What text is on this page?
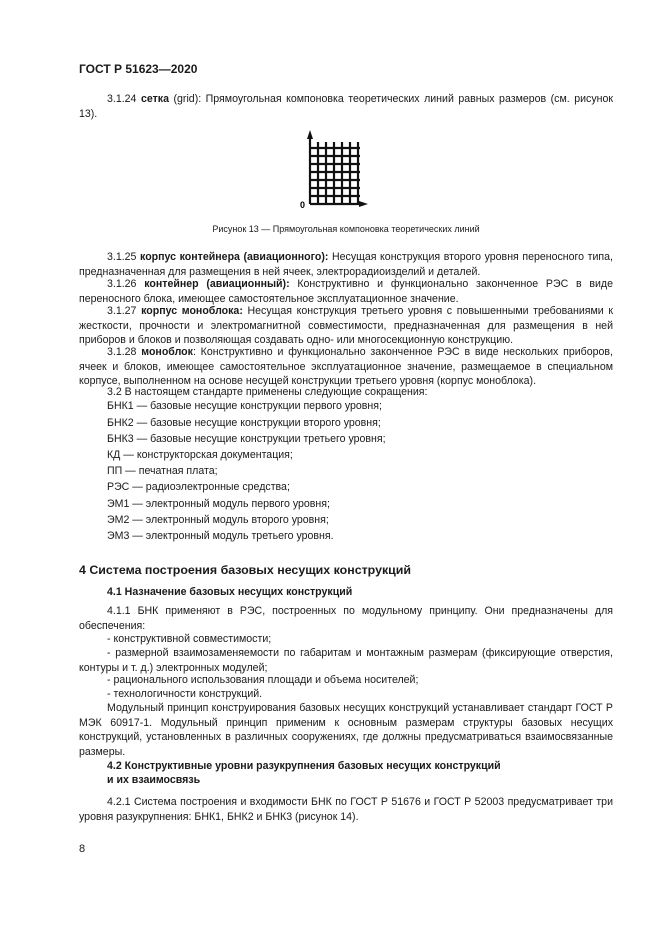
ГОСТ Р 51623—2020

3.1.24 сетка (grid): Прямоугольная компоновка теоретических линий равных размеров (см. рисунок 13).

0
Рисунок 13 — Прямоугольная компоновка теоретических линий

3.1.25 корпус контейнера (авиационного): Несущая конструкция второго уровня переносного типа, предназначенная для размещения в ней ячеек, электрорадиоизделий и деталей.

3.1.26 контейнер (авиационный): Конструктивно и функционально законченное РЭС в виде переносного блока, имеющее самостоятельное эксплуатационное значение.

3.1.27 корпус моноблока: Несущая конструкция третьего уровня с повышенными требованиями к жесткости, прочности и электромагнитной совместимости, предназначенная для размещения в ней приборов и блоков и позволяющая создавать одно- или многосекционную конструкцию.

3.1.28 моноблок: Конструктивно и функционально законченное РЭС в виде нескольких приборов, ячеек и блоков, имеющее самостоятельное эксплуатационное значение, размещаемое в специальном корпусе, выполненном на основе несущей конструкции третьего уровня (корпус моноблока).

3.2 В настоящем стандарте применены следующие сокращения:
БНК1 — базовые несущие конструкции первого уровня;
БНК2 — базовые несущие конструкции второго уровня;
БНК3 — базовые несущие конструкции третьего уровня;
КД — конструкторская документация;
ПП — печатная плата;
РЭС — радиоэлектронные средства;
ЭМ1 — электронный модуль первого уровня;
ЭМ2 — электронный модуль второго уровня;
ЭМ3 — электронный модуль третьего уровня.
4 Система построения базовых несущих конструкций
4.1 Назначение базовых несущих конструкций

4.1.1 БНК применяют в РЭС, построенных по модульному принципу. Они предназначены для обеспечения:

- конструктивной совместимости;

- размерной взаимозаменяемости по габаритам и монтажным размерам (фиксирующие отверстия, контуры и т. д.) электронных модулей;

- рационального использования площади и объема носителей;

- технологичности конструкций.

Модульный принцип конструирования базовых несущих конструкций устанавливает стандарт ГОСТ Р МЭК 60917-1. Модульный принцип применим к основным размерам структуры базовых несущих конструкций, установленных в различных сооружениях, где должны предусматриваться взаимосвязанные размеры.

4.2 Конструктивные уровни разукрупнения базовых несущих конструкций
и их взаимосвязь

4.2.1 Система построения и входимости БНК по ГОСТ Р 51676 и ГОСТ Р 52003 предусматривает три уровня разукрупнения: БНК1, БНК2 и БНК3 (рисунок 14).

8
